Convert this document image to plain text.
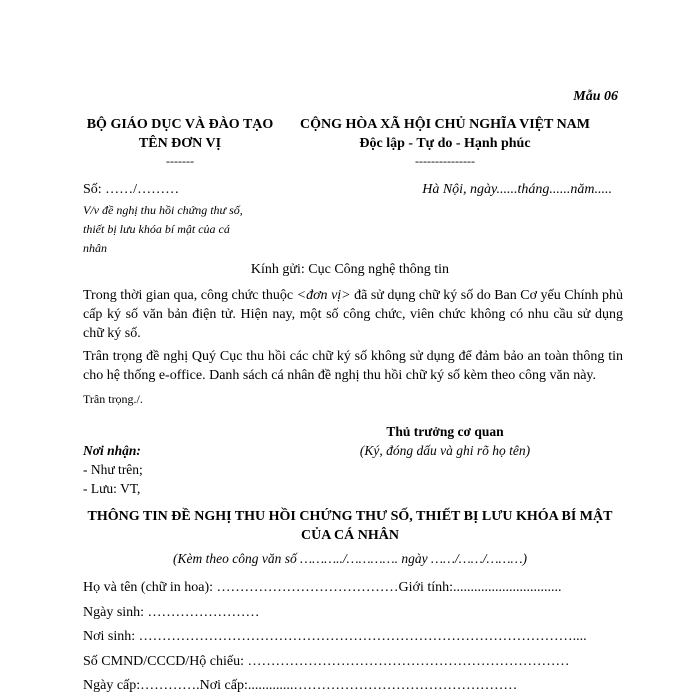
Mẫu 06
BỘ GIÁO DỤC VÀ ĐÀO TẠO
TÊN ĐƠN VỊ
-------
CỘNG HÒA XÃ HỘI CHỦ NGHĨA VIỆT NAM
Độc lập - Tự do - Hạnh phúc
---------------
Số: ……/………	Hà Nội, ngày......tháng......năm.....
V/v đề nghị thu hồi chứng thư số,
thiết bị lưu khóa bí mật của cá
nhân
Kính gửi: Cục Công nghệ thông tin
Trong thời gian qua, công chức thuộc <đơn vị> đã sử dụng chữ ký số do Ban Cơ yếu Chính phủ cấp ký số văn bản điện tử. Hiện nay, một số công chức, viên chức không có nhu cầu sử dụng chữ ký số.
Trân trọng đề nghị Quý Cục thu hồi các chữ ký số không sử dụng để đảm bảo an toàn thông tin cho hệ thống e-office. Danh sách cá nhân đề nghị thu hồi chữ ký số kèm theo công văn này.
Trân trọng./.
Thủ trưởng cơ quan
(Ký, đóng dấu và ghi rõ họ tên)
Nơi nhận:
- Như trên;
- Lưu: VT,
THÔNG TIN ĐỀ NGHỊ THU HỒI CHỨNG THƯ SỐ, THIẾT BỊ LƯU KHÓA BÍ MẬT
CỦA CÁ NHÂN
(Kèm theo công văn số ………../…………. ngày ……/……/………)
Họ và tên (chữ in hoa): …………………………………Giới tính:...............................
Ngày sinh: ……………………
Nơi sinh: …………………………………………………………………………………....
Số CMND/CCCD/Hộ chiếu: ……………………………………………………………
Ngày cấp:………….Nơi cấp:.............…………………………………………
